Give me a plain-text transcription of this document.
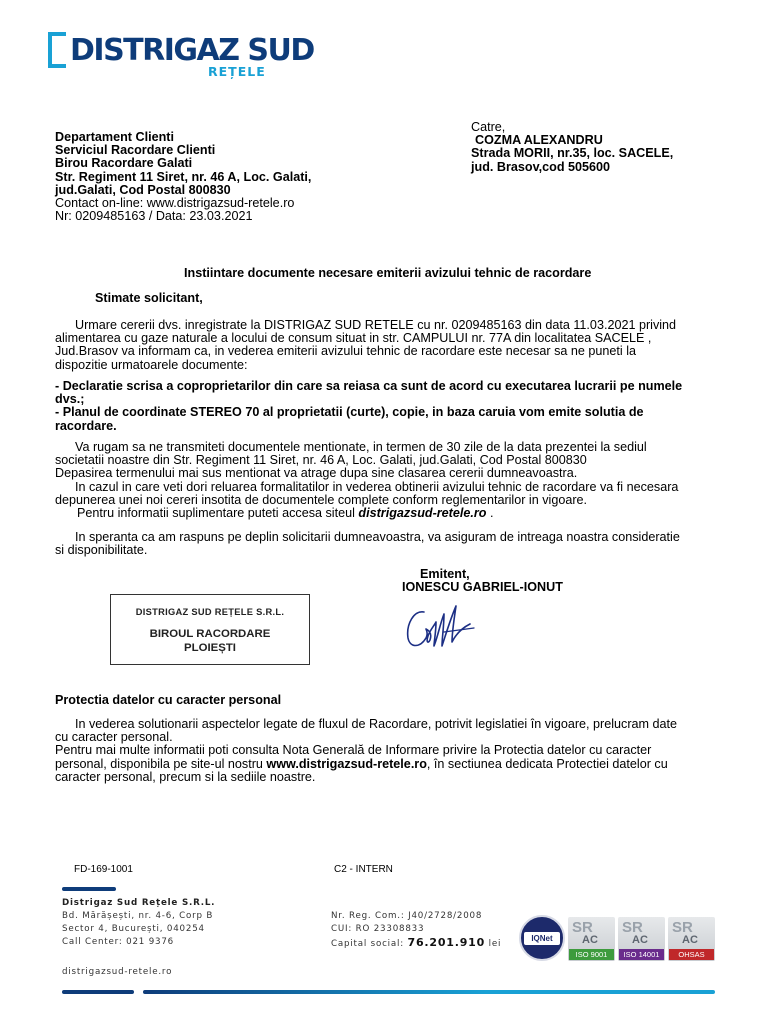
DISTRIGAZ SUD
REȚELE
Departament Clienti
Serviciul Racordare Clienti
Birou Racordare Galati
Str. Regiment 11 Siret, nr. 46 A, Loc. Galati,
jud.Galati, Cod Postal 800830
Contact on-line: www.distrigazsud-retele.ro
Nr: 0209485163 / Data: 23.03.2021
Catre,
COZMA ALEXANDRU
Strada MORII, nr.35, loc. SACELE,
jud. Brasov,cod 505600
Instiintare documente necesare emiterii avizului tehnic de racordare
Stimate solicitant,
Urmare cererii dvs. inregistrate la DISTRIGAZ SUD RETELE cu nr. 0209485163 din data 11.03.2021 privind
alimentarea cu gaze naturale a locului de consum situat in str. CAMPULUI nr. 77A din localitatea SACELE ,
Jud.Brasov va informam ca, in vederea emiterii avizului tehnic de racordare este necesar sa ne puneti la
dispozitie urmatoarele documente:
- Declaratie scrisa a coproprietarilor din care sa reiasa ca sunt de acord cu executarea lucrarii pe numele
dvs.;
- Planul de coordinate STEREO 70 al proprietatii (curte), copie, in baza caruia vom emite solutia de
racordare.
Va rugam sa ne transmiteti documentele mentionate, in termen de 30 zile de la data prezentei la sediul
societatii noastre din Str. Regiment 11 Siret, nr. 46 A, Loc. Galati, jud.Galati, Cod Postal 800830
Depasirea termenului mai sus mentionat va atrage dupa sine clasarea cererii dumneavoastra.
In cazul in care veti dori reluarea formalitatilor in vederea obtinerii avizului tehnic de racordare va fi necesara
depunerea unei noi cereri insotita de documentele complete conform reglementarilor in vigoare.
Pentru informatii suplimentare puteti accesa siteul distrigazsud-retele.ro .
In speranta ca am raspuns pe deplin solicitarii dumneavoastra, va asiguram de intreaga noastra consideratie
si disponibilitate.
Emitent,
IONESCU GABRIEL-IONUT
DISTRIGAZ SUD REȚELE S.R.L.
BIROUL RACORDARE
PLOIEȘTI
Protectia datelor cu caracter personal
In vederea solutionarii aspectelor legate de fluxul de Racordare, potrivit legislatiei în vigoare, prelucram date
cu caracter personal.
Pentru mai multe informatii poti consulta Nota Generală de Informare privire la Protectia datelor cu caracter
personal, disponibila pe site-ul nostru www.distrigazsud-retele.ro, în sectiunea dedicata Protectiei datelor cu
caracter personal, precum si la sediile noastre.
FD-169-1001	C2 - INTERN
Distrigaz Sud Rețele S.R.L.
Bd. Mărășești, nr. 4-6, Corp B
Sector 4, București, 040254
Call Center: 021 9376
Nr. Reg. Com.: J40/2728/2008
CUI: RO 23308833
Capital social: 76.201.910 lei
IQNet
SR
AC
ISO 9001
SR
AC
ISO 14001
SR
AC
OHSAS 18001
distrigazsud-retele.ro
